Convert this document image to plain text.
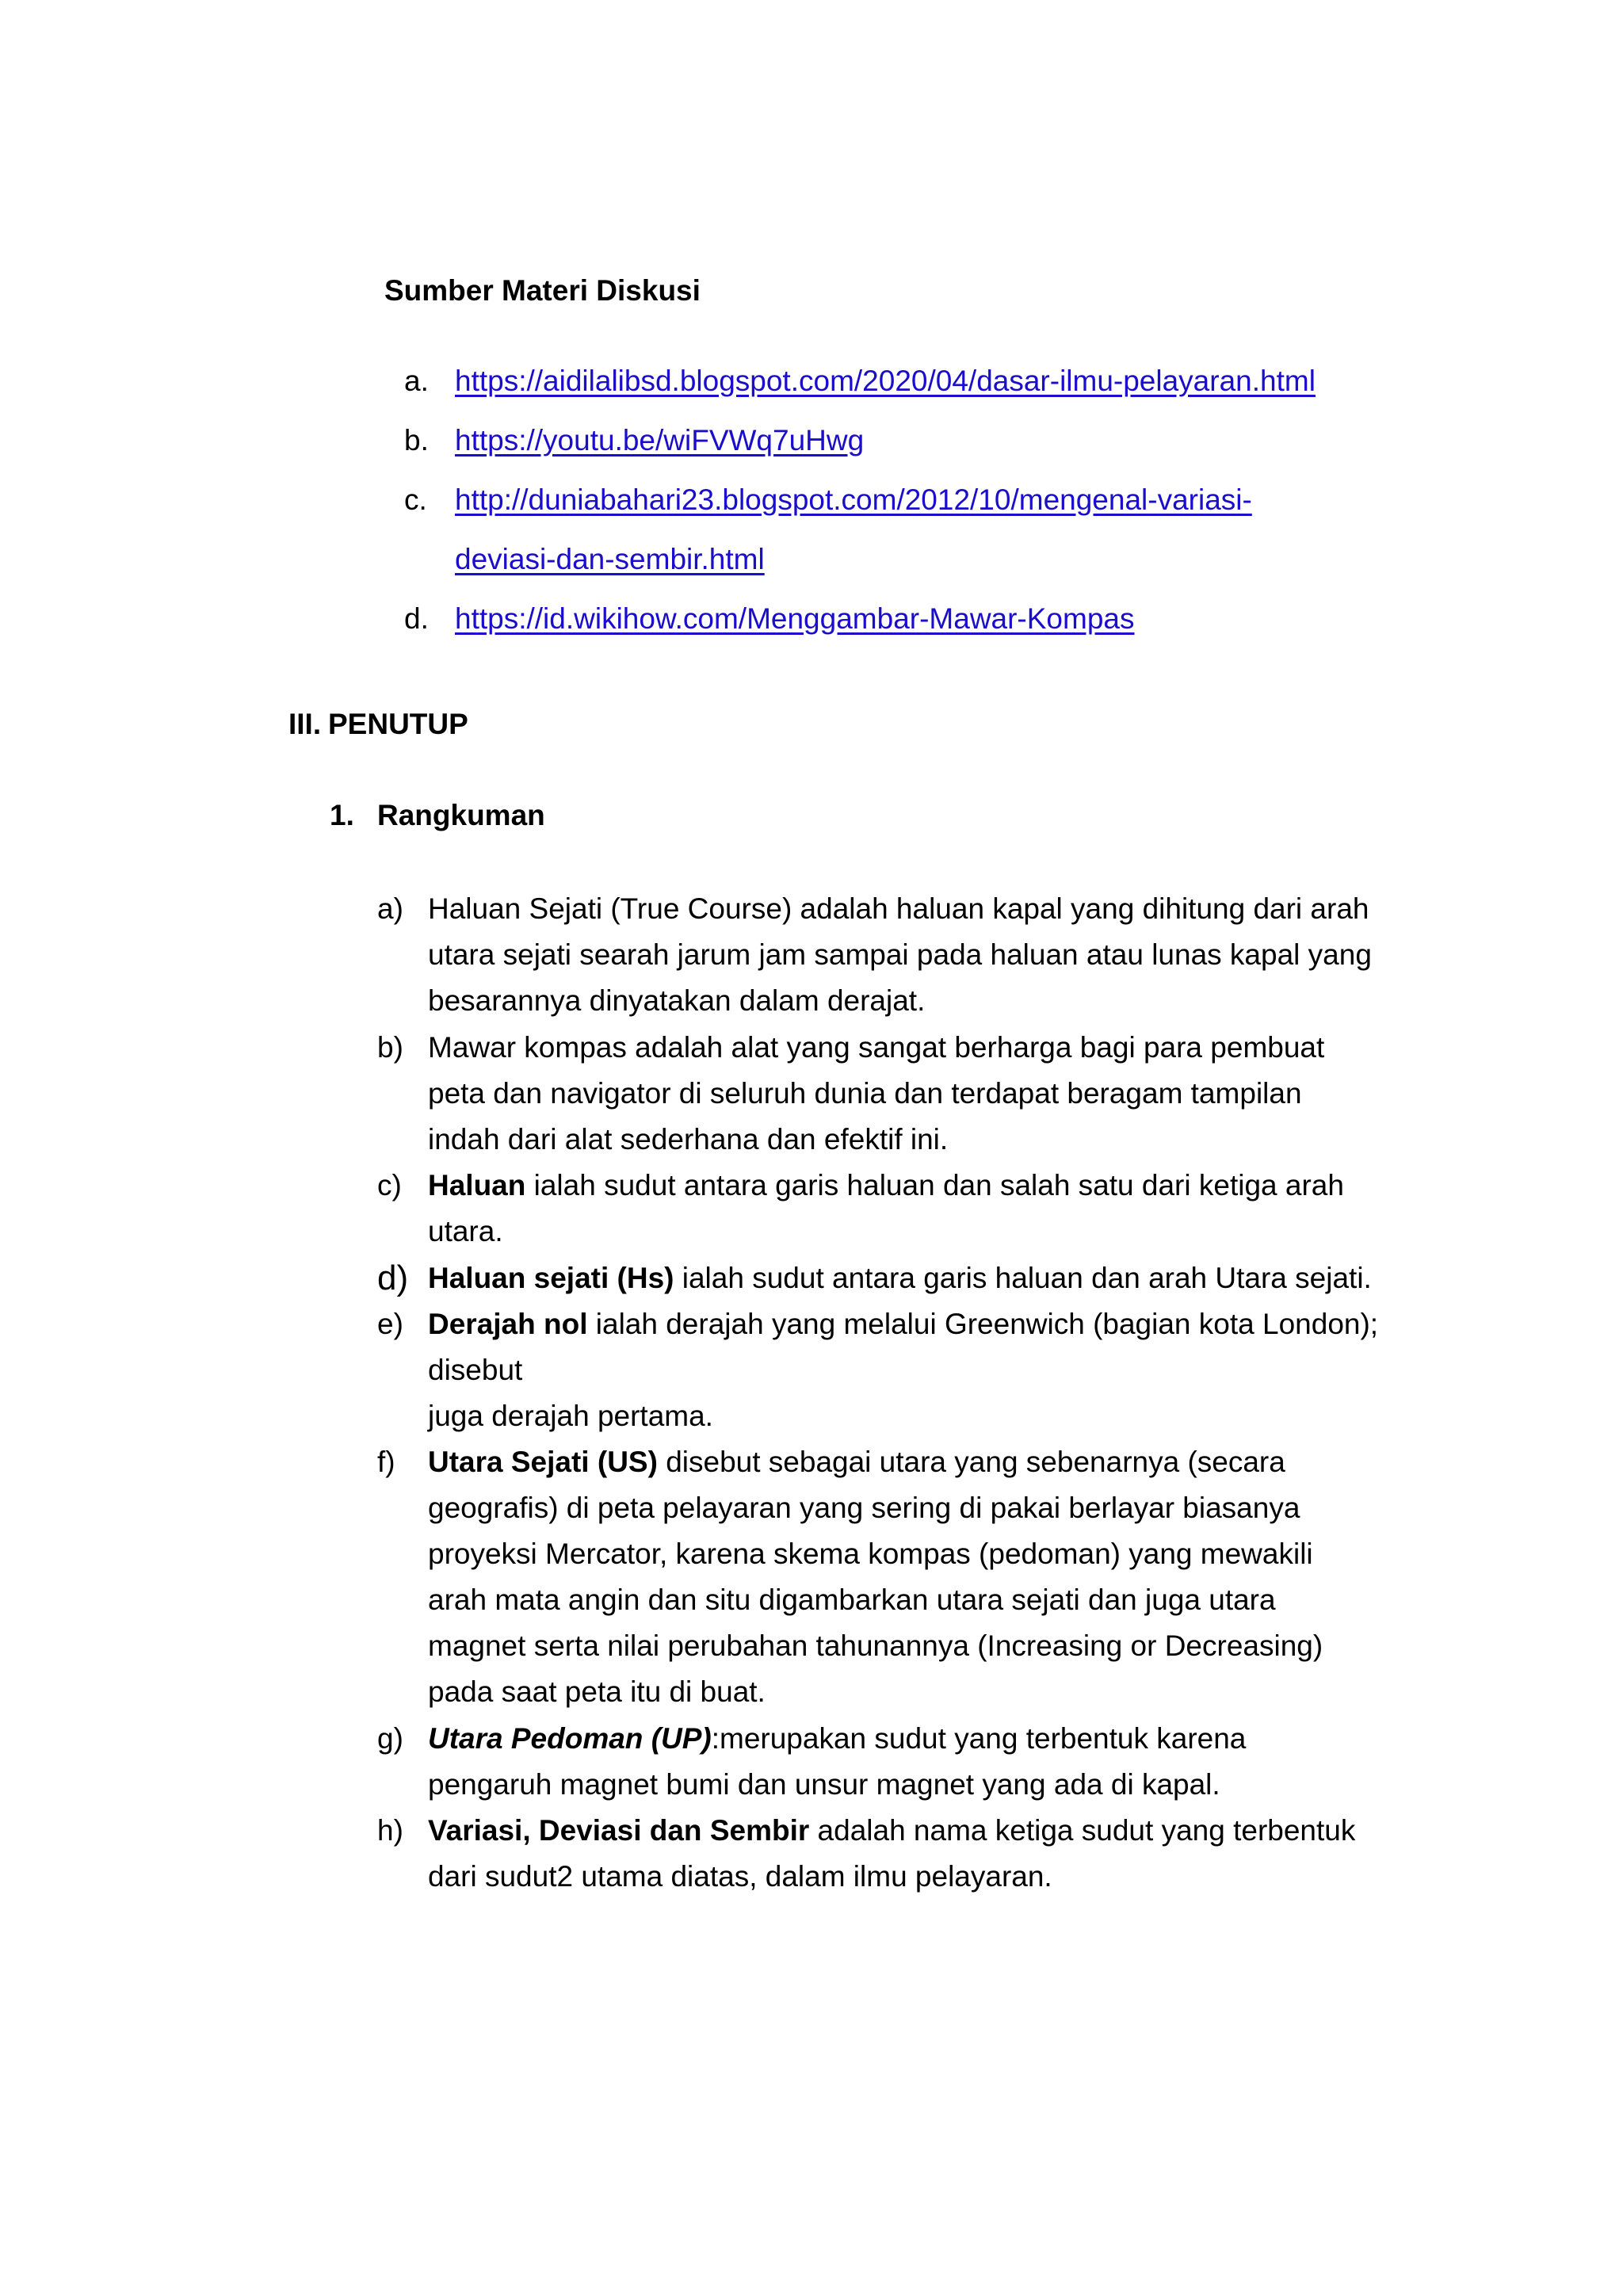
Sumber Materi Diskusi
a. https://aidilalibsd.blogspot.com/2020/04/dasar-ilmu-pelayaran.html
b. https://youtu.be/wiFVWq7uHwg
c. http://duniabahari23.blogspot.com/2012/10/mengenal-variasi-
deviasi-dan-sembir.html
d. https://id.wikihow.com/Menggambar-Mawar-Kompas
III. PENUTUP
1. Rangkuman
a) Haluan Sejati (True Course) adalah haluan kapal yang dihitung dari arah
utara sejati searah jarum jam sampai pada haluan atau lunas kapal yang
besarannya dinyatakan dalam derajat.
b) Mawar kompas adalah alat yang sangat berharga bagi para pembuat
peta dan navigator di seluruh dunia dan terdapat beragam tampilan
indah dari alat sederhana dan efektif ini.
c) Haluan ialah sudut antara garis haluan dan salah satu dari ketiga arah
utara.
d) Haluan sejati (Hs) ialah sudut antara garis haluan dan arah Utara sejati.
e) Derajah nol ialah derajah yang melalui Greenwich (bagian kota London);
disebut
juga derajah pertama.
f)	Utara Sejati (US) disebut sebagai utara yang sebenarnya (secara
geografis) di peta pelayaran yang sering di pakai berlayar biasanya
proyeksi Mercator, karena skema kompas (pedoman) yang mewakili
arah mata angin dan situ digambarkan utara sejati dan juga utara
magnet serta nilai perubahan tahunannya (Increasing or Decreasing)
pada saat peta itu di buat.
g) Utara Pedoman (UP):merupakan sudut yang terbentuk karena
pengaruh magnet bumi dan unsur magnet yang ada di kapal.
h) Variasi, Deviasi dan Sembir adalah nama ketiga sudut yang terbentuk
dari sudut2 utama diatas, dalam ilmu pelayaran.
